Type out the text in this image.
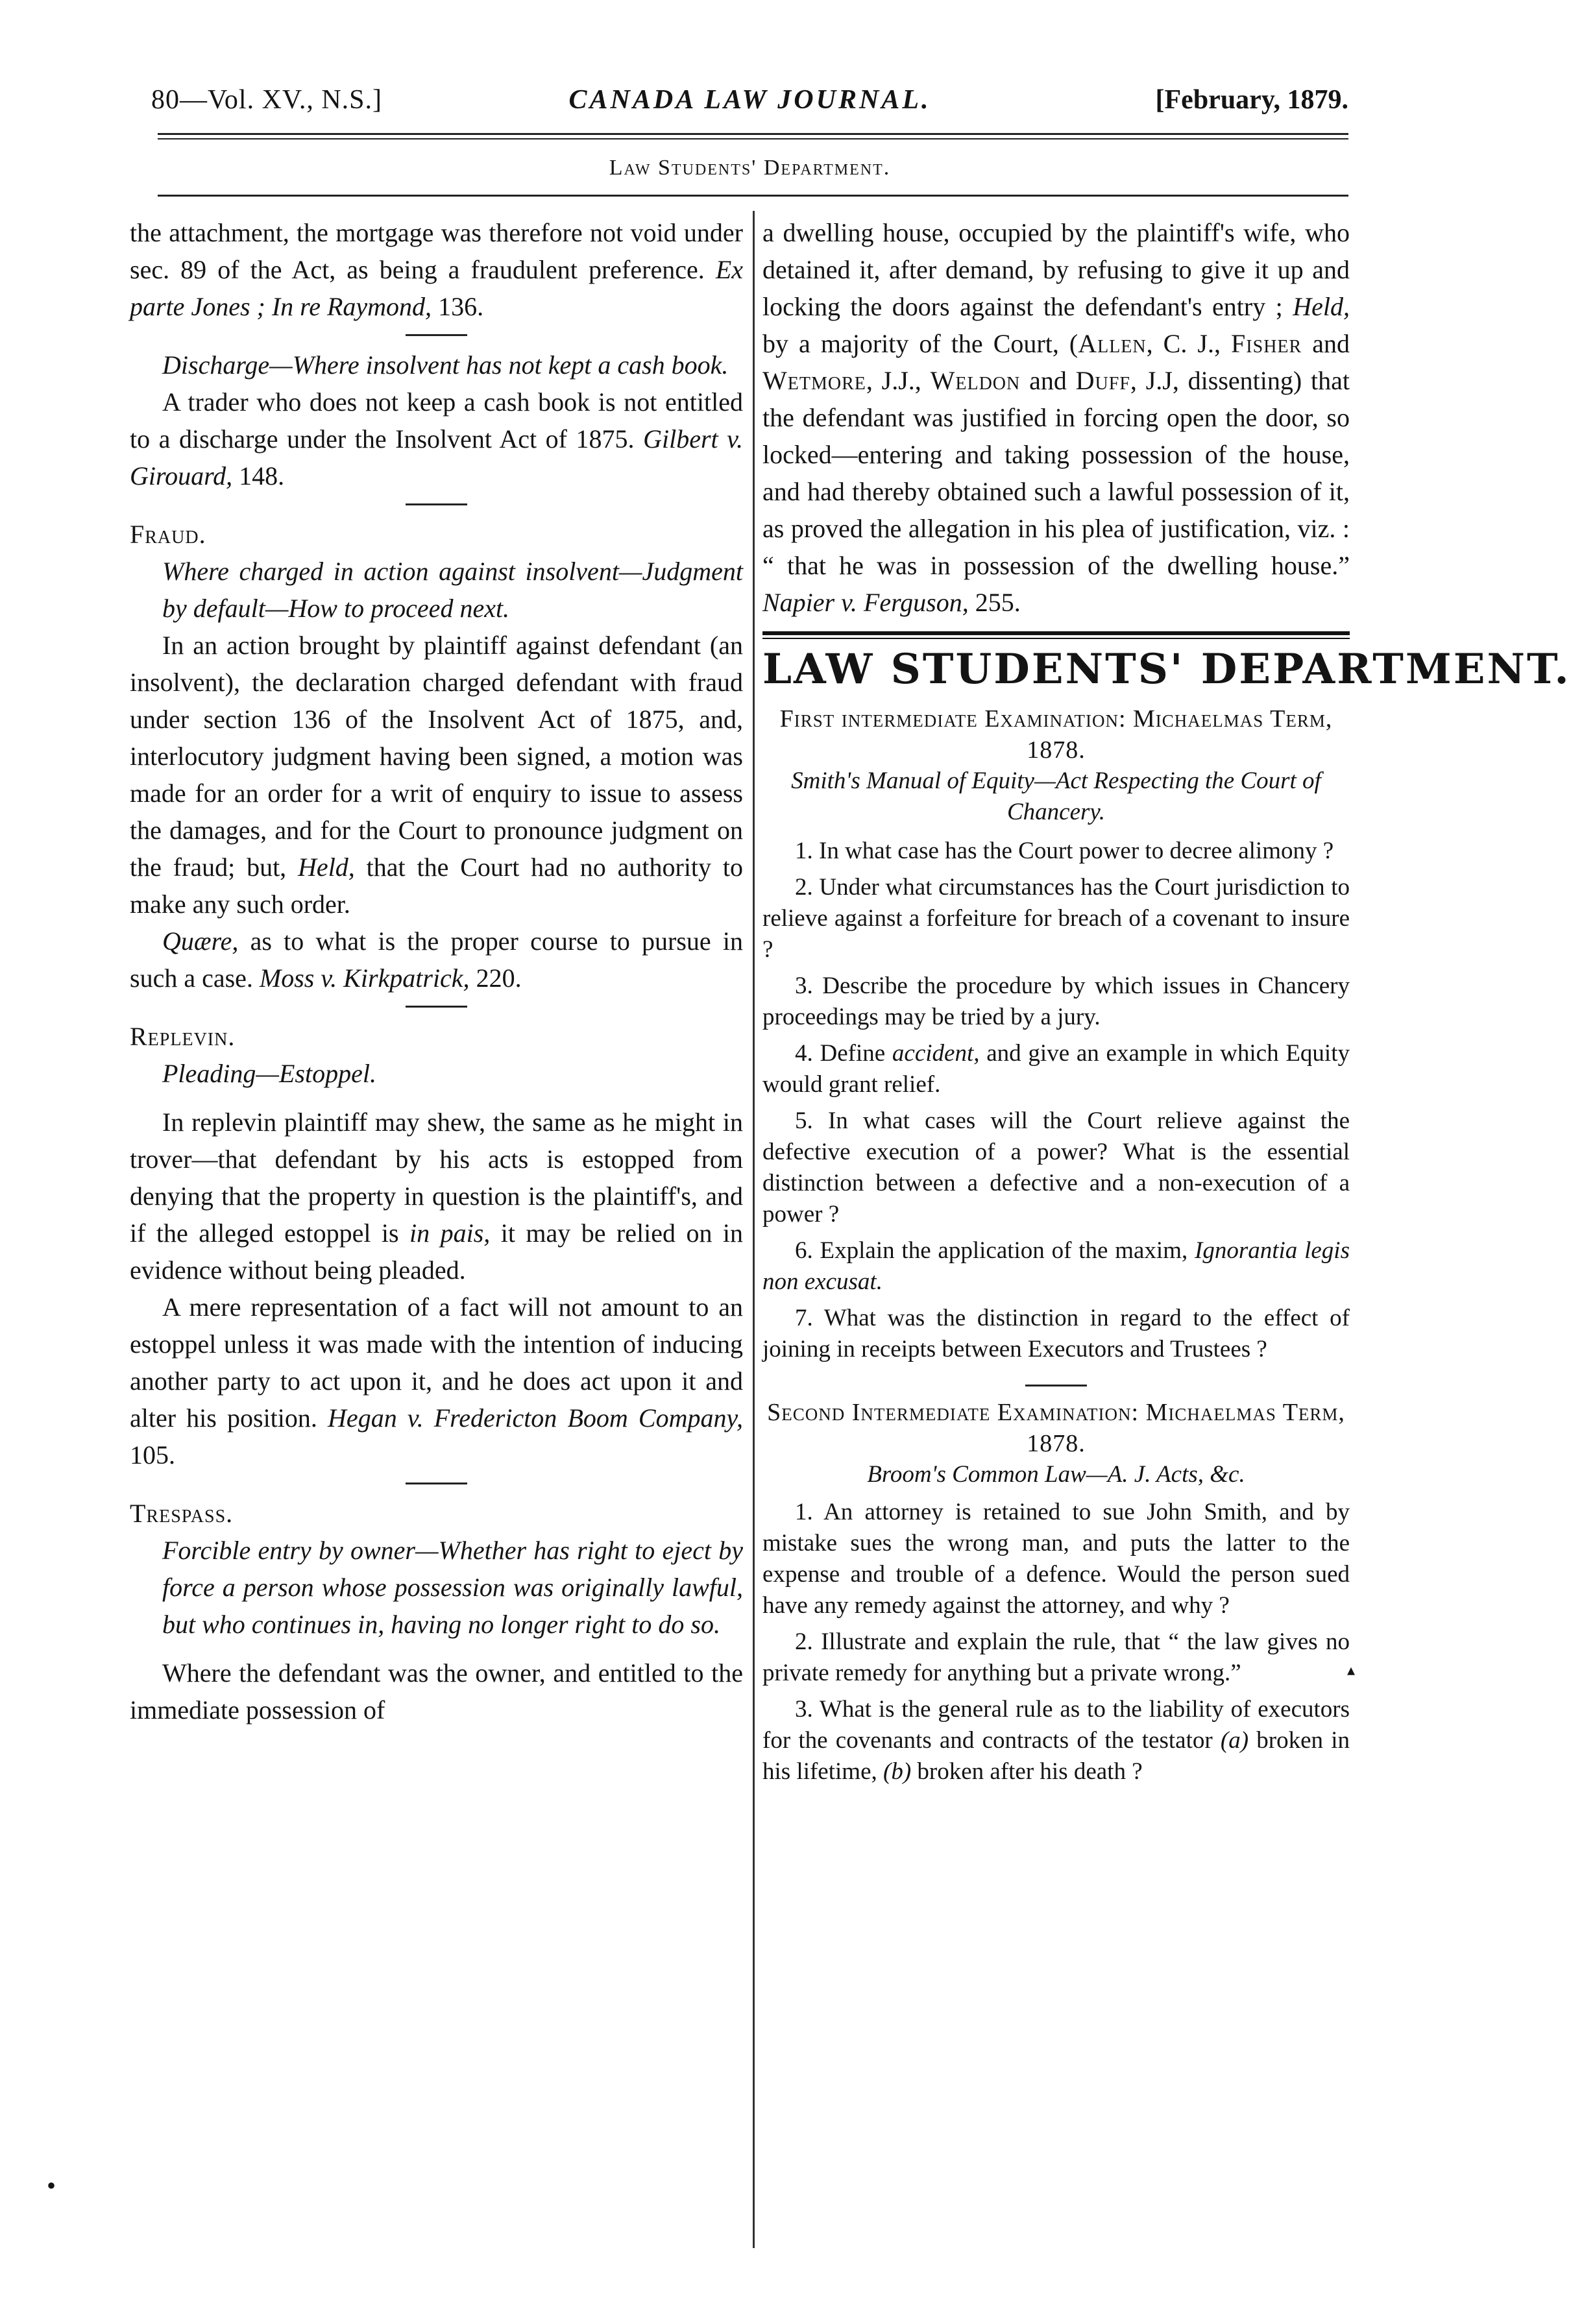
80—Vol. XV., N.S.]	CANADA LAW JOURNAL.	[February, 1879.
Law Students' Department.

the attachment, the mortgage was therefore not void under sec. 89 of the Act, as being a fraudulent preference. Ex parte Jones ; In re Raymond, 136.

Discharge—Where insolvent has not kept a cash book.

A trader who does not keep a cash book is not entitled to a discharge under the Insolvent Act of 1875. Gilbert v. Girouard, 148.

Fraud.

Where charged in action against insolvent—Judgment by default—How to proceed next.

In an action brought by plaintiff against defendant (an insolvent), the declaration charged defendant with fraud under section 136 of the Insolvent Act of 1875, and, interlocutory judgment having been signed, a motion was made for an order for a writ of enquiry to issue to assess the damages, and for the Court to pronounce judgment on the fraud; but, Held, that the Court had no authority to make any such order.

Quære, as to what is the proper course to pursue in such a case. Moss v. Kirkpatrick, 220.

Replevin.

Pleading—Estoppel.

In replevin plaintiff may shew, the same as he might in trover—that defendant by his acts is estopped from denying that the property in question is the plaintiff's, and if the alleged estoppel is in pais, it may be relied on in evidence without being pleaded.

A mere representation of a fact will not amount to an estoppel unless it was made with the intention of inducing another party to act upon it, and he does act upon it and alter his position. Hegan v. Fredericton Boom Company, 105.

Trespass.

Forcible entry by owner—Whether has right to eject by force a person whose possession was originally lawful, but who continues in, having no longer right to do so.

Where the defendant was the owner, and entitled to the immediate possession of

a dwelling house, occupied by the plaintiff's wife, who detained it, after demand, by refusing to give it up and locking the doors against the defendant's entry ; Held, by a majority of the Court, (Allen, C. J., Fisher and Wetmore, J.J., Weldon and Duff, J.J, dissenting) that the defendant was justified in forcing open the door, so locked—entering and taking possession of the house, and had thereby obtained such a lawful possession of it, as proved the allegation in his plea of justification, viz. : “ that he was in possession of the dwelling house.” Napier v. Ferguson, 255.

LAW STUDENTS' DEPARTMENT.

First intermediate Examination: Michaelmas Term, 1878.

Smith's Manual of Equity—Act Respecting the Court of Chancery.

1. In what case has the Court power to decree alimony ?

2. Under what circumstances has the Court jurisdiction to relieve against a forfeiture for breach of a covenant to insure ?

3. Describe the procedure by which issues in Chancery proceedings may be tried by a jury.

4. Define accident, and give an example in which Equity would grant relief.

5. In what cases will the Court relieve against the defective execution of a power? What is the essential distinction between a defective and a non-execution of a power ?

6. Explain the application of the maxim, Ignorantia legis non excusat.

7. What was the distinction in regard to the effect of joining in receipts between Executors and Trustees ?

Second Intermediate Examination: Michaelmas Term, 1878.

Broom's Common Law—A. J. Acts, &c.

1. An attorney is retained to sue John Smith, and by mistake sues the wrong man, and puts the latter to the expense and trouble of a defence. Would the person sued have any remedy against the attorney, and why ?

2. Illustrate and explain the rule, that “ the law gives no private remedy for anything but a private wrong.”

3. What is the general rule as to the liability of executors for the covenants and contracts of the testator (a) broken in his lifetime, (b) broken after his death ?

•
▴
